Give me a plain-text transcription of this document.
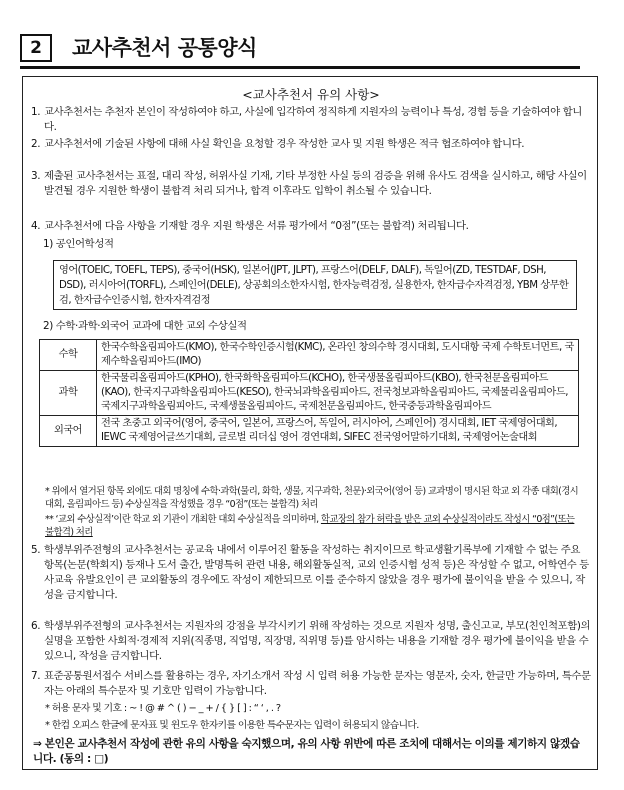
2	교사추천서 공통양식
<교사추천서 유의 사항>
1. 교사추천서는 추천자 본인이 작성하여야 하고, 사실에 입각하여 정직하게 지원자의 능력이나 특성, 경험 등을 기술하여야 합니다.
2. 교사추천서에 기술된 사항에 대해 사실 확인을 요청할 경우 작성한 교사 및 지원 학생은 적극 협조하여야 합니다.
3. 제출된 교사추천서는 표절, 대리 작성, 허위사실 기재, 기타 부정한 사실 등의 검증을 위해 유사도 검색을 실시하고, 해당 사실이 발견될 경우 지원한 학생이 불합격 처리 되거나, 합격 이후라도 입학이 취소될 수 있습니다.
4. 교사추천서에 다음 사항을 기재할 경우 지원 학생은 서류 평가에서 “0점”(또는 불합격) 처리됩니다.
1) 공인어학성적
영어(TOEIC, TOEFL, TEPS), 중국어(HSK), 일본어(JPT, JLPT), 프랑스어(DELF, DALF), 독일어(ZD, TESTDAF, DSH, DSD), 러시아어(TORFL), 스페인어(DELE), 상공회의소한자시험, 한자능력검정, 실용한자, 한자급수자격검정, YBM 상무한검, 한자급수인증시험, 한자자격검정
2) 수학·과학·외국어 교과에 대한 교외 수상실적
수학	한국수학올림피아드(KMO), 한국수학인증시험(KMC), 온라인 창의수학 경시대회, 도시대항 국제 수학토너먼트, 국제수학올림피아드(IMO)
과학	한국물리올림피아드(KPHO), 한국화학올림피아드(KCHO), 한국생물올림피아드(KBO), 한국천문올림피아드(KAO), 한국지구과학올림피아드(KESO), 한국뇌과학올림피아드, 전국청보과학올림피아드, 국제물리올림피아드, 국제지구과학올림피아드, 국제생물올림피아드, 국제천문올림피아드, 한국중등과학올림피아드
외국어	전국 초중고 외국어(영어, 중국어, 일본어, 프랑스어, 독일어, 러시아어, 스페인어) 경시대회, IET 국제영어대회, IEWC 국제영어글쓰기대회, 글로벌 리더십 영어 경연대회, SIFEC 전국영어말하기대회, 국제영어논술대회
* 위에서 열거된 항목 외에도 대회 명칭에 수학·과학(물리, 화학, 생물, 지구과학, 천문)·외국어(영어 등) 교과명이 명시된 학교 외 각종 대회(경시대회, 올림피아드 등) 수상실적을 작성했을 경우 “0점”(또는 불합격) 처리
** ‘교외 수상실적’이란 학교 외 기관이 개최한 대회 수상실적을 의미하며, 학교장의 참가 허락을 받은 교외 수상실적이라도 작성시 “0점”(또는 불합격) 처리
5. 학생부위주전형의 교사추천서는 공교육 내에서 이루어진 활동을 작성하는 취지이므로 학교생활기록부에 기재할 수 없는 주요 항목(논문(학회지) 등재나 도서 출간, 발명특허 관련 내용, 해외활동실적, 교외 인증시험 성적 등)은 작성할 수 없고, 어학연수 등 사교육 유발요인이 큰 교외활동의 경우에도 작성이 제한되므로 이를 준수하지 않았을 경우 평가에 불이익을 받을 수 있으니, 작성을 금지합니다.
6. 학생부위주전형의 교사추천서는 지원자의 강점을 부각시키기 위해 작성하는 것으로 지원자 성명, 출신고교, 부모(친인척포함)의 실명을 포함한 사회적·경제적 지위(직종명, 직업명, 직장명, 직위명 등)를 암시하는 내용을 기재할 경우 평가에 불이익을 받을 수 있으니, 작성을 금지합니다.
7. 표준공통원서접수 서비스를 활용하는 경우, 자기소개서 작성 시 입력 허용 가능한 문자는 영문자, 숫자, 한글만 가능하며, 특수문자는 아래의 특수문자 및 기호만 입력이 가능합니다.
* 허용 문자 및 기호 : ~ ! @ # ^ ( ) − _ + / { } [ ] : “ ‘ , . ?
* 한컴 오피스 한글에 문자표 및 윈도우 한자키를 이용한 특수문자는 입력이 허용되지 않습니다.
⇒ 본인은 교사추천서 작성에 관한 유의 사항을 숙지했으며, 유의 사항 위반에 따른 조치에 대해서는 이의를 제기하지 않겠습니다. (동의 : □)
